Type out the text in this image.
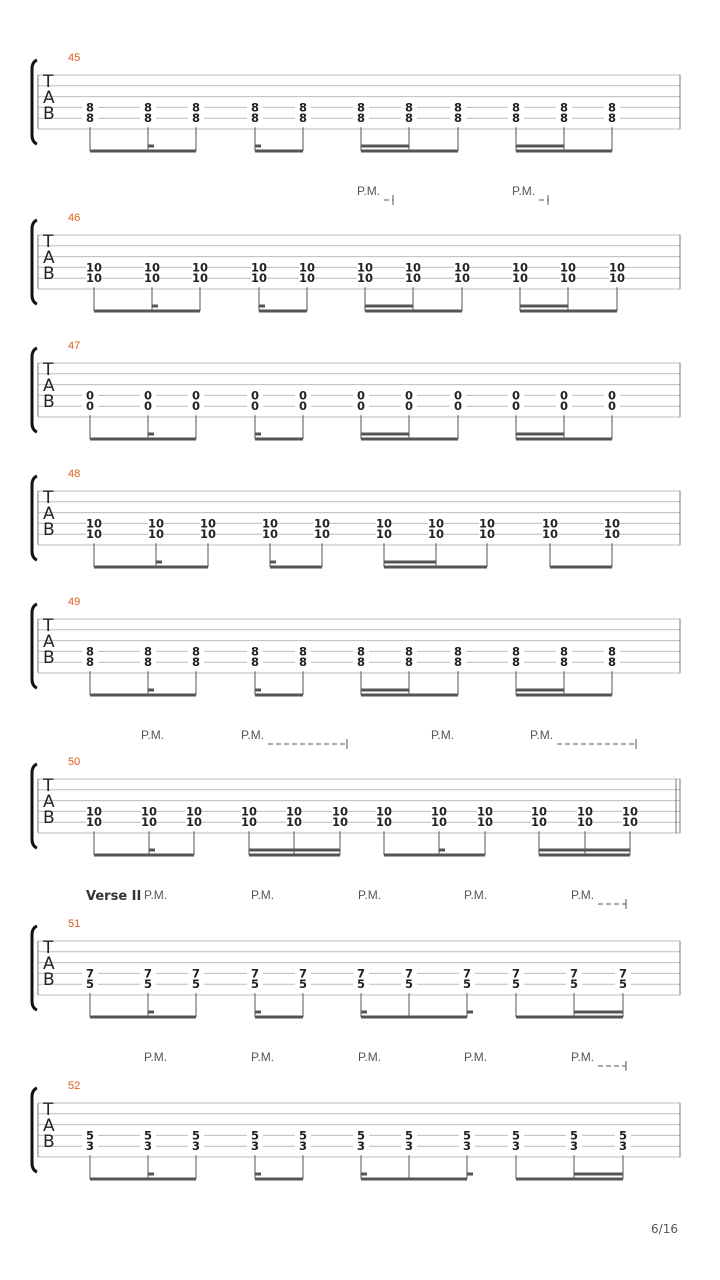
T
A
B
45
8
8
8
8
8
8
8
8
8
8
8
8
8
8
8
8
8
8
8
8
8
8
T
A
B
46
P.M.	P.M.
10
10
10
10
10
10
10
10
10
10
10
10
10
10
10
10
10
10
10
10
10
10
T
A
B
47
0
0
0
0
0
0
0
0
0
0
0
0
0
0
0
0
0
0
0
0
0
0
T
A
B
48
10
10
10
10
10
10
10
10
10
10
10
10
10
10
10
10
10
10
10
10
T
A
B
49
8
8
8
8
8
8
8
8
8
8
8
8
8
8
8
8
8
8
8
8
8
8
T
A
B
50
P.M.	P.M.	P.M.	P.M.
10
10
10
10
10
10
10
10
10
10
10
10
10
10
10
10
10
10
10
10
10
10
10
10
T
A
B
51
Verse II P.M.	P.M.	P.M.	P.M.	P.M.
7
5
7
5
7
5
7
5
7
5
7
5
7
5
7
5
7
5
7
5
7
5
T
A
B
52
P.M.	P.M.	P.M.	P.M.	P.M.
5
3
5
3
5
3
5
3
5
3
5
3
5
3
5
3
5
3
5
3
5
3
6/16
